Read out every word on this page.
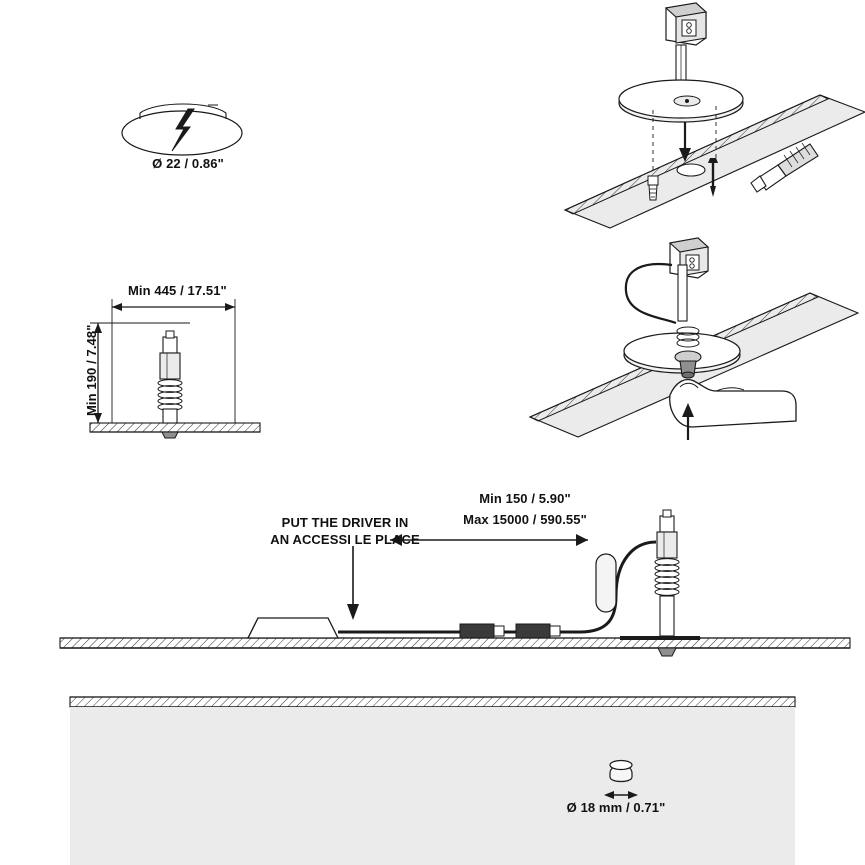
Ø 22 / 0.86"
Min 445 / 17.51"
Min 190 / 7.48"
PUT THE DRIVER IN
AN ACCESSI LE PLACE
Min 150 / 5.90"
Max 15000 / 590.55"
Ø 18 mm / 0.71"
